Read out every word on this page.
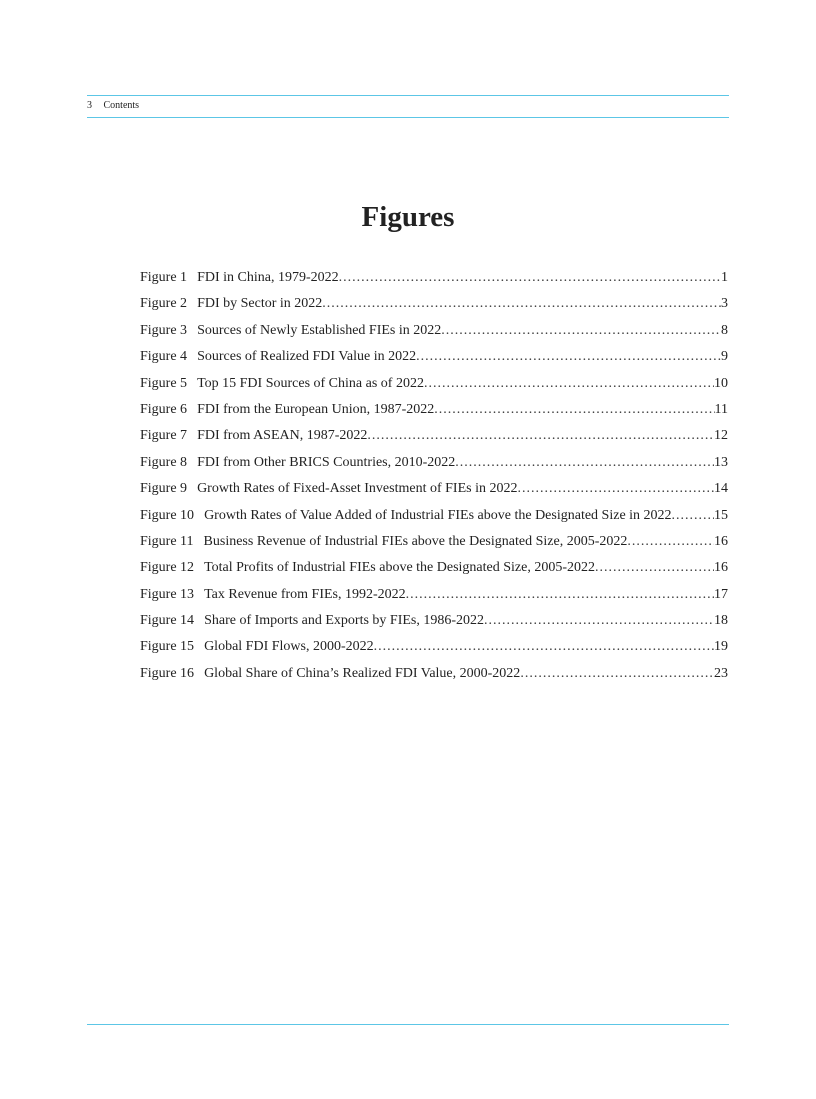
3 Contents
Figures
Figure 1 FDI in China, 1979-2022 .....	1
Figure 2 FDI by Sector in 2022 .....	3
Figure 3 Sources of Newly Established FIEs in 2022 .....	8
Figure 4 Sources of Realized FDI Value in 2022 .....	9
Figure 5 Top 15 FDI Sources of China as of 2022 .....	10
Figure 6 FDI from the European Union, 1987-2022 .....	11
Figure 7 FDI from ASEAN, 1987-2022 .....	12
Figure 8 FDI from Other BRICS Countries, 2010-2022 .....	13
Figure 9 Growth Rates of Fixed-Asset Investment of FIEs in 2022 .....	14
Figure 10 Growth Rates of Value Added of Industrial FIEs above the Designated Size in 2022 .....	15
Figure 11 Business Revenue of Industrial FIEs above the Designated Size, 2005-2022 .....	16
Figure 12 Total Profits of Industrial FIEs above the Designated Size, 2005-2022 .....	16
Figure 13 Tax Revenue from FIEs, 1992-2022 .....	17
Figure 14 Share of Imports and Exports by FIEs, 1986-2022 .....	18
Figure 15 Global FDI Flows, 2000-2022 .....	19
Figure 16 Global Share of China’s Realized FDI Value, 2000-2022 .....	23
